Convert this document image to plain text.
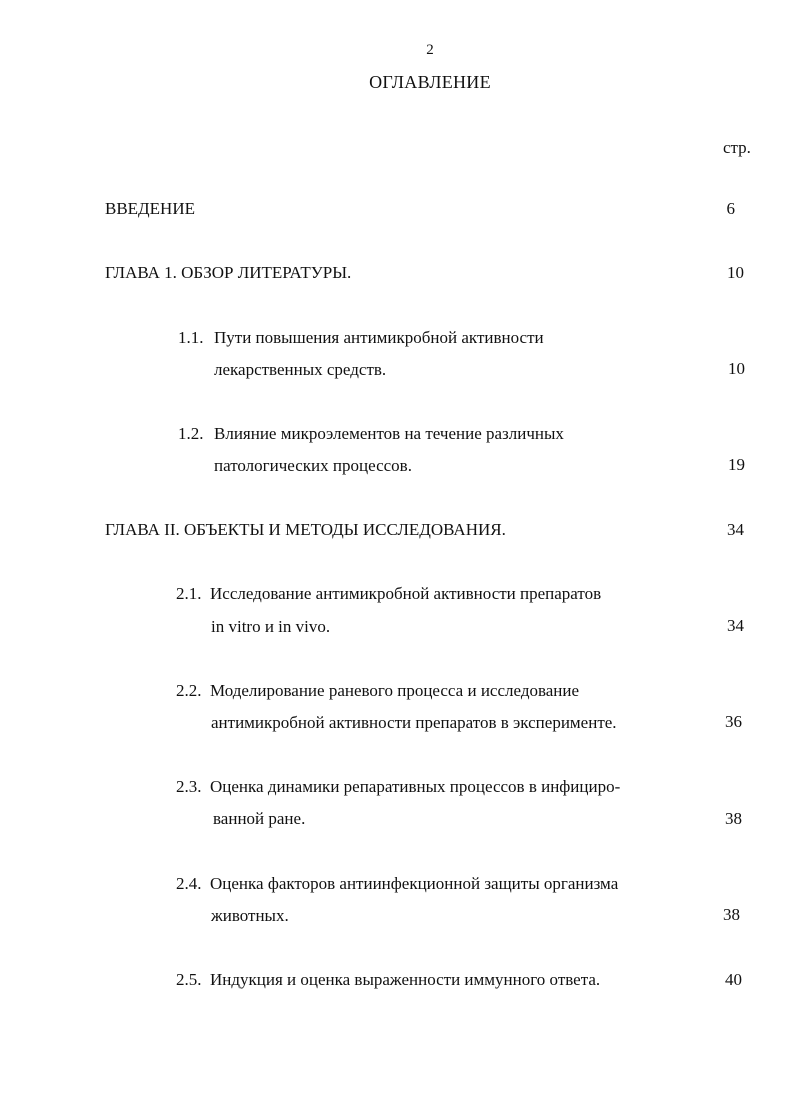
2
ОГЛАВЛЕНИЕ
стр.
ВВЕДЕНИЕ	6
ГЛАВА 1. ОБЗОР ЛИТЕРАТУРЫ.	10
1.1. Пути повышения антимикробной активности
лекарственных средств.	10
1.2. Влияние микроэлементов на течение различных
патологических процессов.	19
ГЛАВА II. ОБЪЕКТЫ И МЕТОДЫ ИССЛЕДОВАНИЯ.	34
2.1. Исследование антимикробной активности препаратов
in vitro и in vivo.	34
2.2. Моделирование раневого процесса и исследование
антимикробной активности препаратов в эксперименте.	36
2.3. Оценка динамики репаративных процессов в инфициро-
ванной ране.	38
2.4. Оценка факторов антиинфекционной защиты организма
животных.	38
2.5. Индукция и оценка выраженности иммунного ответа.	40
